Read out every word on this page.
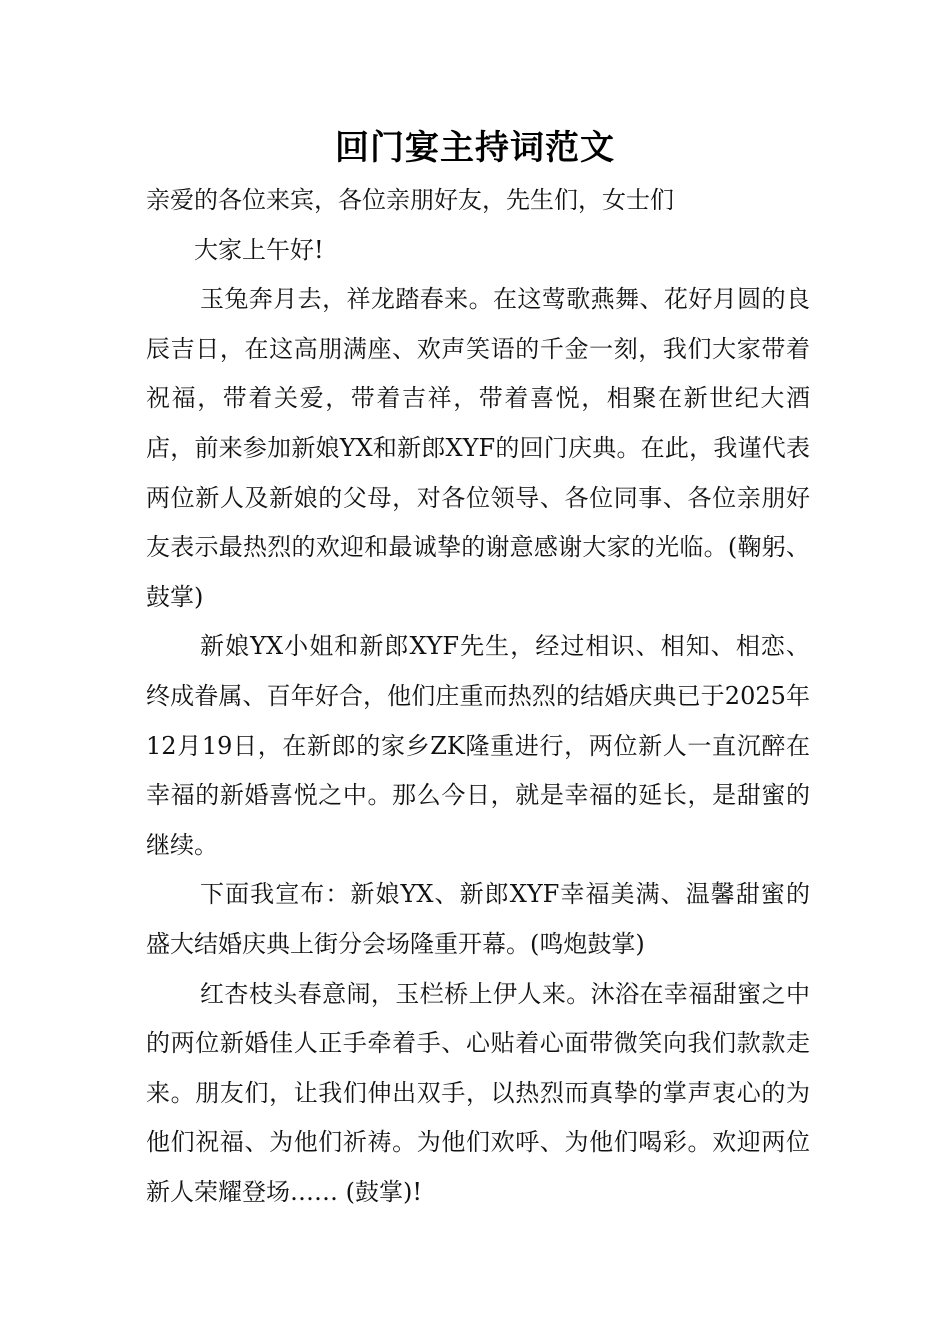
回门宴主持词范文

亲爱的各位来宾，各位亲朋好友，先生们，女士们

大家上午好!

玉兔奔月去，祥龙踏春来。在这莺歌燕舞、花好月圆的良辰吉日，在这高朋满座、欢声笑语的千金一刻，我们大家带着祝福，带着关爱，带着吉祥，带着喜悦，相聚在新世纪大酒店，前来参加新娘YX和新郎XYF的回门庆典。在此，我谨代表两位新人及新娘的父母，对各位领导、各位同事、各位亲朋好友表示最热烈的欢迎和最诚挚的谢意感谢大家的光临。(鞠躬、鼓掌)

新娘YX小姐和新郎XYF先生，经过相识、相知、相恋、终成眷属、百年好合，他们庄重而热烈的结婚庆典已于2025年12月19日，在新郎的家乡ZK隆重进行，两位新人一直沉醉在幸福的新婚喜悦之中。那么今日，就是幸福的延长，是甜蜜的继续。

下面我宣布：新娘YX、新郎XYF幸福美满、温馨甜蜜的盛大结婚庆典上街分会场隆重开幕。(鸣炮鼓掌)

红杏枝头春意闹，玉栏桥上伊人来。沐浴在幸福甜蜜之中的两位新婚佳人正手牵着手、心贴着心面带微笑向我们款款走来。朋友们，让我们伸出双手，以热烈而真挚的掌声衷心的为他们祝福、为他们祈祷。为他们欢呼、为他们喝彩。欢迎两位新人荣耀登场…… (鼓掌)!
